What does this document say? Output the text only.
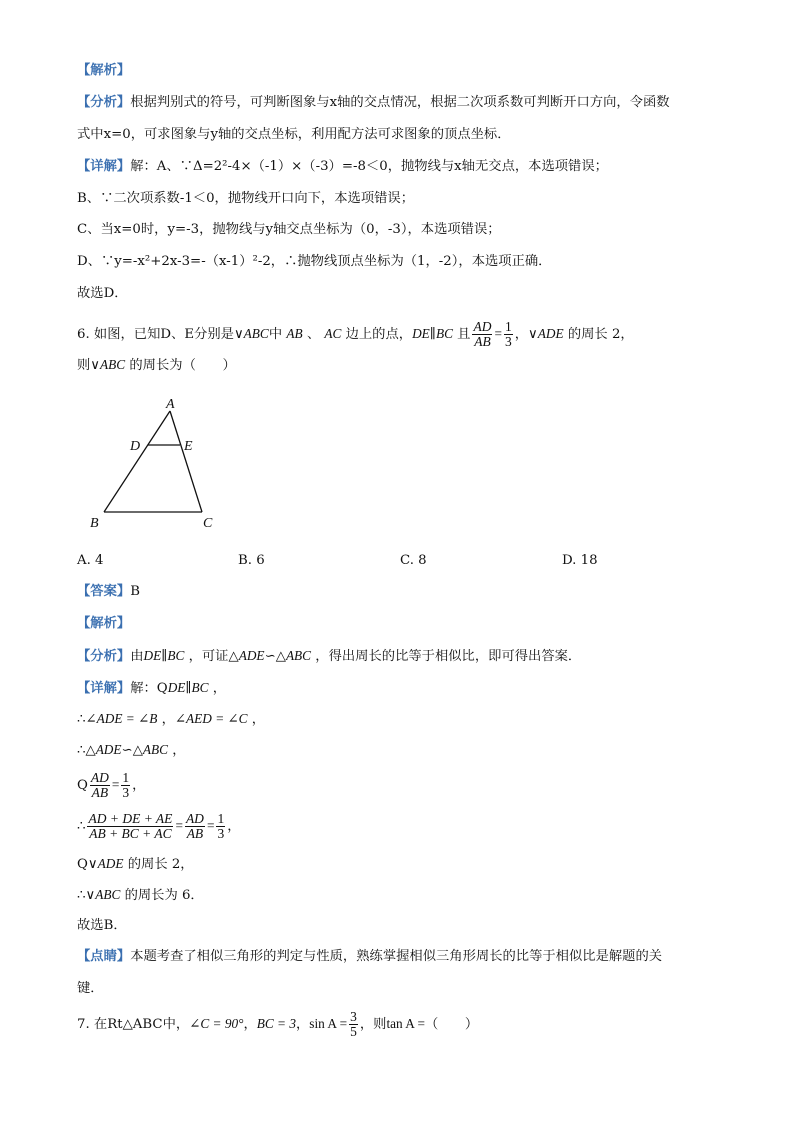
【解析】
【分析】根据判别式的符号，可判断图象与x轴的交点情况，根据二次项系数可判断开口方向，令函数
式中x=0，可求图象与y轴的交点坐标，利用配方法可求图象的顶点坐标．
【详解】解：A、∵Δ=2²-4×（-1）×（-3）=-8＜0，抛物线与x轴无交点，本选项错误；
B、∵二次项系数-1＜0，抛物线开口向下，本选项错误；
C、当x=0时，y=-3，抛物线与y轴交点坐标为（0，-3），本选项错误；
D、∵y=-x²+2x-3=-（x-1）²-2，∴抛物线顶点坐标为（1，-2），本选项正确．
故选D．
6. 如图，已知D、E分别是∨ABC中 AB 、 AC 边上的点，DE∥BC 且 $\frac{AD}{AB} = \frac{1}{3}$ ，∨ADE 的周长 2，
则∨ABC 的周长为（　　）
A
D	E
B	C
A. 4	B. 6	C. 8	D. 18
【答案】B
【解析】
【分析】由DE∥BC ，可证△ADE∽△ABC ，得出周长的比等于相似比，即可得出答案．
【详解】解：QDE∥BC ，
∴∠ADE = ∠B ，∠AED = ∠C ，
∴△ADE∽△ABC ，
Q $\frac{AD}{AB} = \frac{1}{3}$ ，
∴ $\frac{AD + DE + AE}{AB + BC + AC} = \frac{AD}{AB} = \frac{1}{3}$ ，
Q∨ADE 的周长 2，
∴∨ABC 的周长为 6．
故选B．
【点睛】本题考查了相似三角形的判定与性质，熟练掌握相似三角形周长的比等于相似比是解题的关
键．
7. 在Rt△ABC中，∠C = 90°，BC = 3，$\sin A = \frac{3}{5}$ ，则tan A =（　　）
